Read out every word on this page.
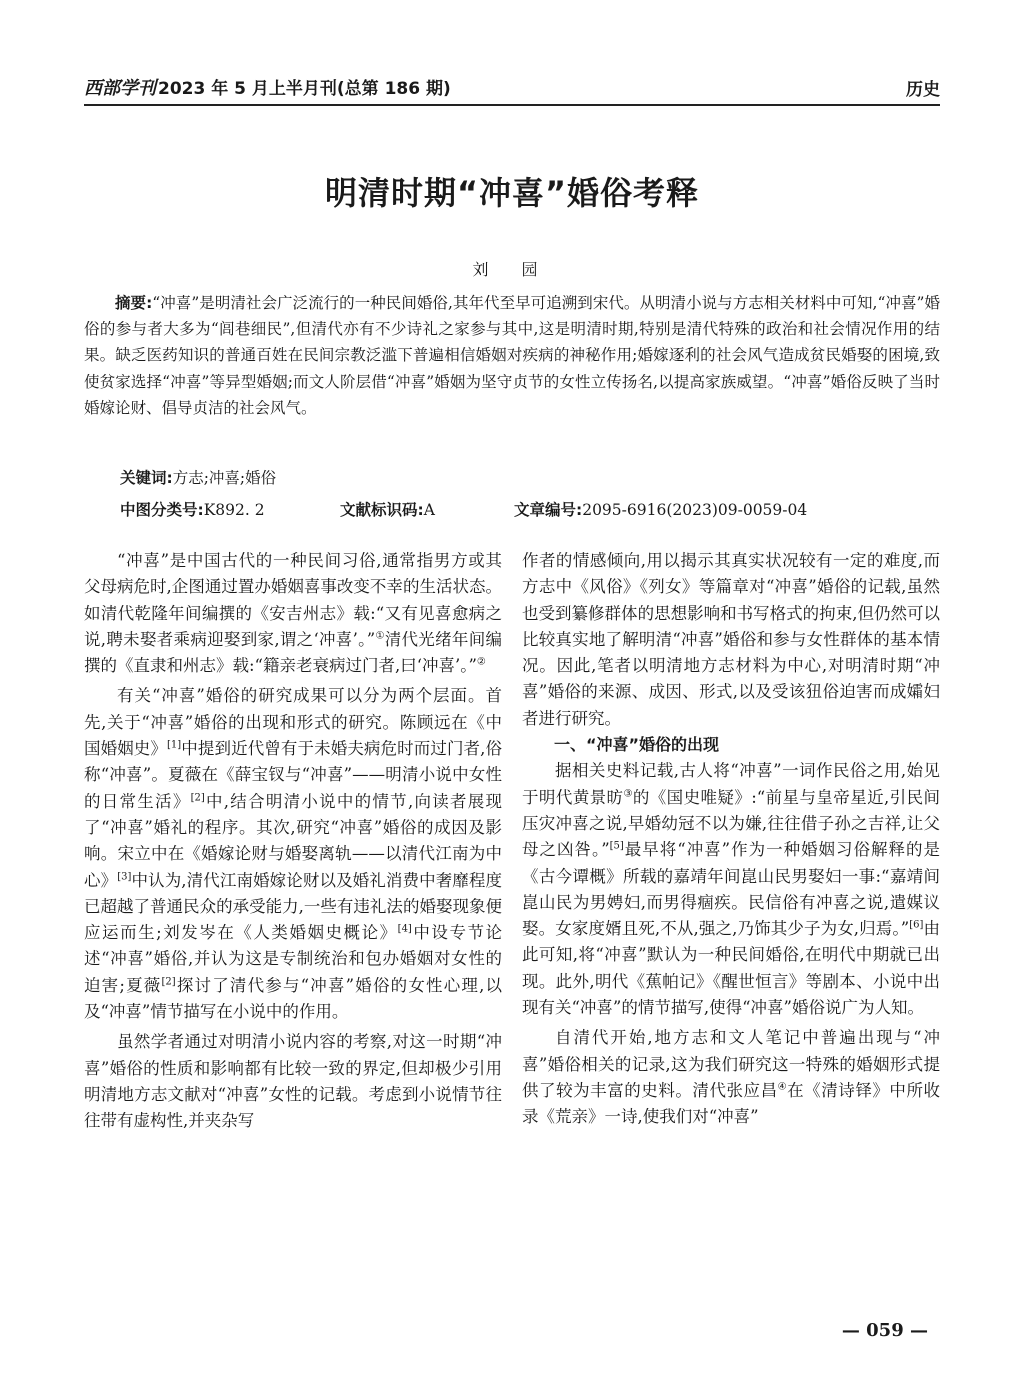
西部学刊 2023 年 5 月上半月刊(总第 186 期)	历史
明清时期“冲喜”婚俗考释
刘 园
摘要:“冲喜”是明清社会广泛流行的一种民间婚俗,其年代至早可追溯到宋代。从明清小说与方志相关材料中可知,“冲喜”婚俗的参与者大多为“闾巷细民”,但清代亦有不少诗礼之家参与其中,这是明清时期,特别是清代特殊的政治和社会情况作用的结果。缺乏医药知识的普通百姓在民间宗教泛滥下普遍相信婚姻对疾病的神秘作用;婚嫁逐利的社会风气造成贫民婚娶的困境,致使贫家选择“冲喜”等异型婚姻;而文人阶层借“冲喜”婚姻为坚守贞节的女性立传扬名,以提高家族威望。“冲喜”婚俗反映了当时婚嫁论财、倡导贞洁的社会风气。
关键词:方志;冲喜;婚俗
中图分类号:K892. 2	文献标识码:A	文章编号:2095-6916(2023)09-0059-04

“冲喜”是中国古代的一种民间习俗,通常指男方或其父母病危时,企图通过置办婚姻喜事改变不幸的生活状态。如清代乾隆年间编撰的《安吉州志》载:“又有见喜愈病之说,聘未娶者乘病迎娶到家,谓之‘冲喜’。”①清代光绪年间编撰的《直隶和州志》载:“籍亲老衰病过门者,曰‘冲喜’。”②

有关“冲喜”婚俗的研究成果可以分为两个层面。首先,关于“冲喜”婚俗的出现和形式的研究。陈顾远在《中国婚姻史》[1]中提到近代曾有于未婚夫病危时而过门者,俗称“冲喜”。夏薇在《薛宝钗与“冲喜”——明清小说中女性的日常生活》[2]中,结合明清小说中的情节,向读者展现了“冲喜”婚礼的程序。其次,研究“冲喜”婚俗的成因及影响。宋立中在《婚嫁论财与婚娶离轨——以清代江南为中心》[3]中认为,清代江南婚嫁论财以及婚礼消费中奢靡程度已超越了普通民众的承受能力,一些有违礼法的婚娶现象便应运而生;刘发岑在《人类婚姻史概论》[4]中设专节论述“冲喜”婚俗,并认为这是专制统治和包办婚姻对女性的迫害;夏薇[2]探讨了清代参与“冲喜”婚俗的女性心理,以及“冲喜”情节描写在小说中的作用。

虽然学者通过对明清小说内容的考察,对这一时期“冲喜”婚俗的性质和影响都有比较一致的界定,但却极少引用明清地方志文献对“冲喜”女性的记载。考虑到小说情节往往带有虚构性,并夹杂写

作者的情感倾向,用以揭示其真实状况较有一定的难度,而方志中《风俗》《列女》等篇章对“冲喜”婚俗的记载,虽然也受到纂修群体的思想影响和书写格式的拘束,但仍然可以比较真实地了解明清“冲喜”婚俗和参与女性群体的基本情况。因此,笔者以明清地方志材料为中心,对明清时期“冲喜”婚俗的来源、成因、形式,以及受该狃俗迫害而成孀妇者进行研究。

一、“冲喜”婚俗的出现

据相关史料记载,古人将“冲喜”一词作民俗之用,始见于明代黄景昉③的《国史唯疑》:“前星与皇帝星近,引民间压灾冲喜之说,早婚幼冠不以为嫌,往往借子孙之吉祥,让父母之凶咎。”[5]最早将“冲喜”作为一种婚姻习俗解释的是《古今谭概》所载的嘉靖年间崑山民男娶妇一事:“嘉靖间崑山民为男娉妇,而男得痼疾。民信俗有冲喜之说,遣媒议娶。女家度婿且死,不从,强之,乃饰其少子为女,归焉。”[6]由此可知,将“冲喜”默认为一种民间婚俗,在明代中期就已出现。此外,明代《蕉帕记》《醒世恒言》等剧本、小说中出现有关“冲喜”的情节描写,使得“冲喜”婚俗说广为人知。

自清代开始,地方志和文人笔记中普遍出现与“冲喜”婚俗相关的记录,这为我们研究这一特殊的婚姻形式提供了较为丰富的史料。清代张应昌④在《清诗铎》中所收录《荒亲》一诗,使我们对“冲喜”

— 059 —
